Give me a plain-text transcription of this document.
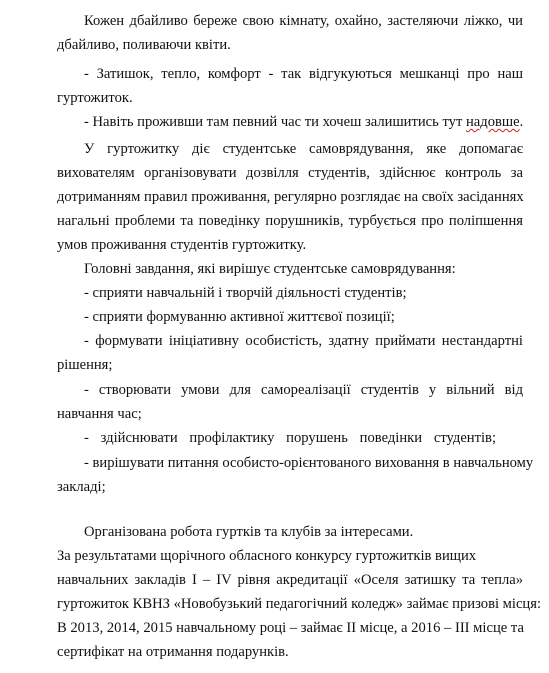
Кожен дбайливо береже свою кімнату, охайно, застеляючи ліжко, чи
дбайливо, поливаючи квіти.
- Затишок, тепло, комфорт - так відгукуються мешканці про наш
гуртожиток.
- Навіть проживши там певний час ти хочеш залишитись тут надовше.
У гуртожитку діє студентське самоврядування, яке допомагає
вихователям організовувати дозвілля студентів, здійснює контроль за
дотриманням правил проживання, регулярно розглядає на своїх засіданнях
нагальні проблеми та поведінку порушників, турбується про поліпшення
умов проживання студентів гуртожитку.
Головні завдання, які вирішує студентське самоврядування:
- сприяти навчальній і творчій діяльності студентів;
- сприяти формуванню активної життєвої позиції;
- формувати ініціативну особистість, здатну приймати нестандартні
рішення;
- створювати умови для самореалізації студентів у вільний від
навчання час;
- здійснювати профілактику порушень поведінки студентів;
- вирішувати питання особисто-орієнтованого виховання в навчальному
закладі;
Організована робота гуртків та клубів за інтересами.
За результатами щорічного обласного конкурсу гуртожитків вищих
навчальних закладів І – ІV рівня акредитації «Оселя затишку та тепла»
гуртожиток КВНЗ «Новобузький педагогічний коледж» займає призові місця:
В 2013, 2014, 2015 навчальному році – займає ІІ місце, а 2016 – ІІІ місце та
сертифікат на отримання подарунків.
